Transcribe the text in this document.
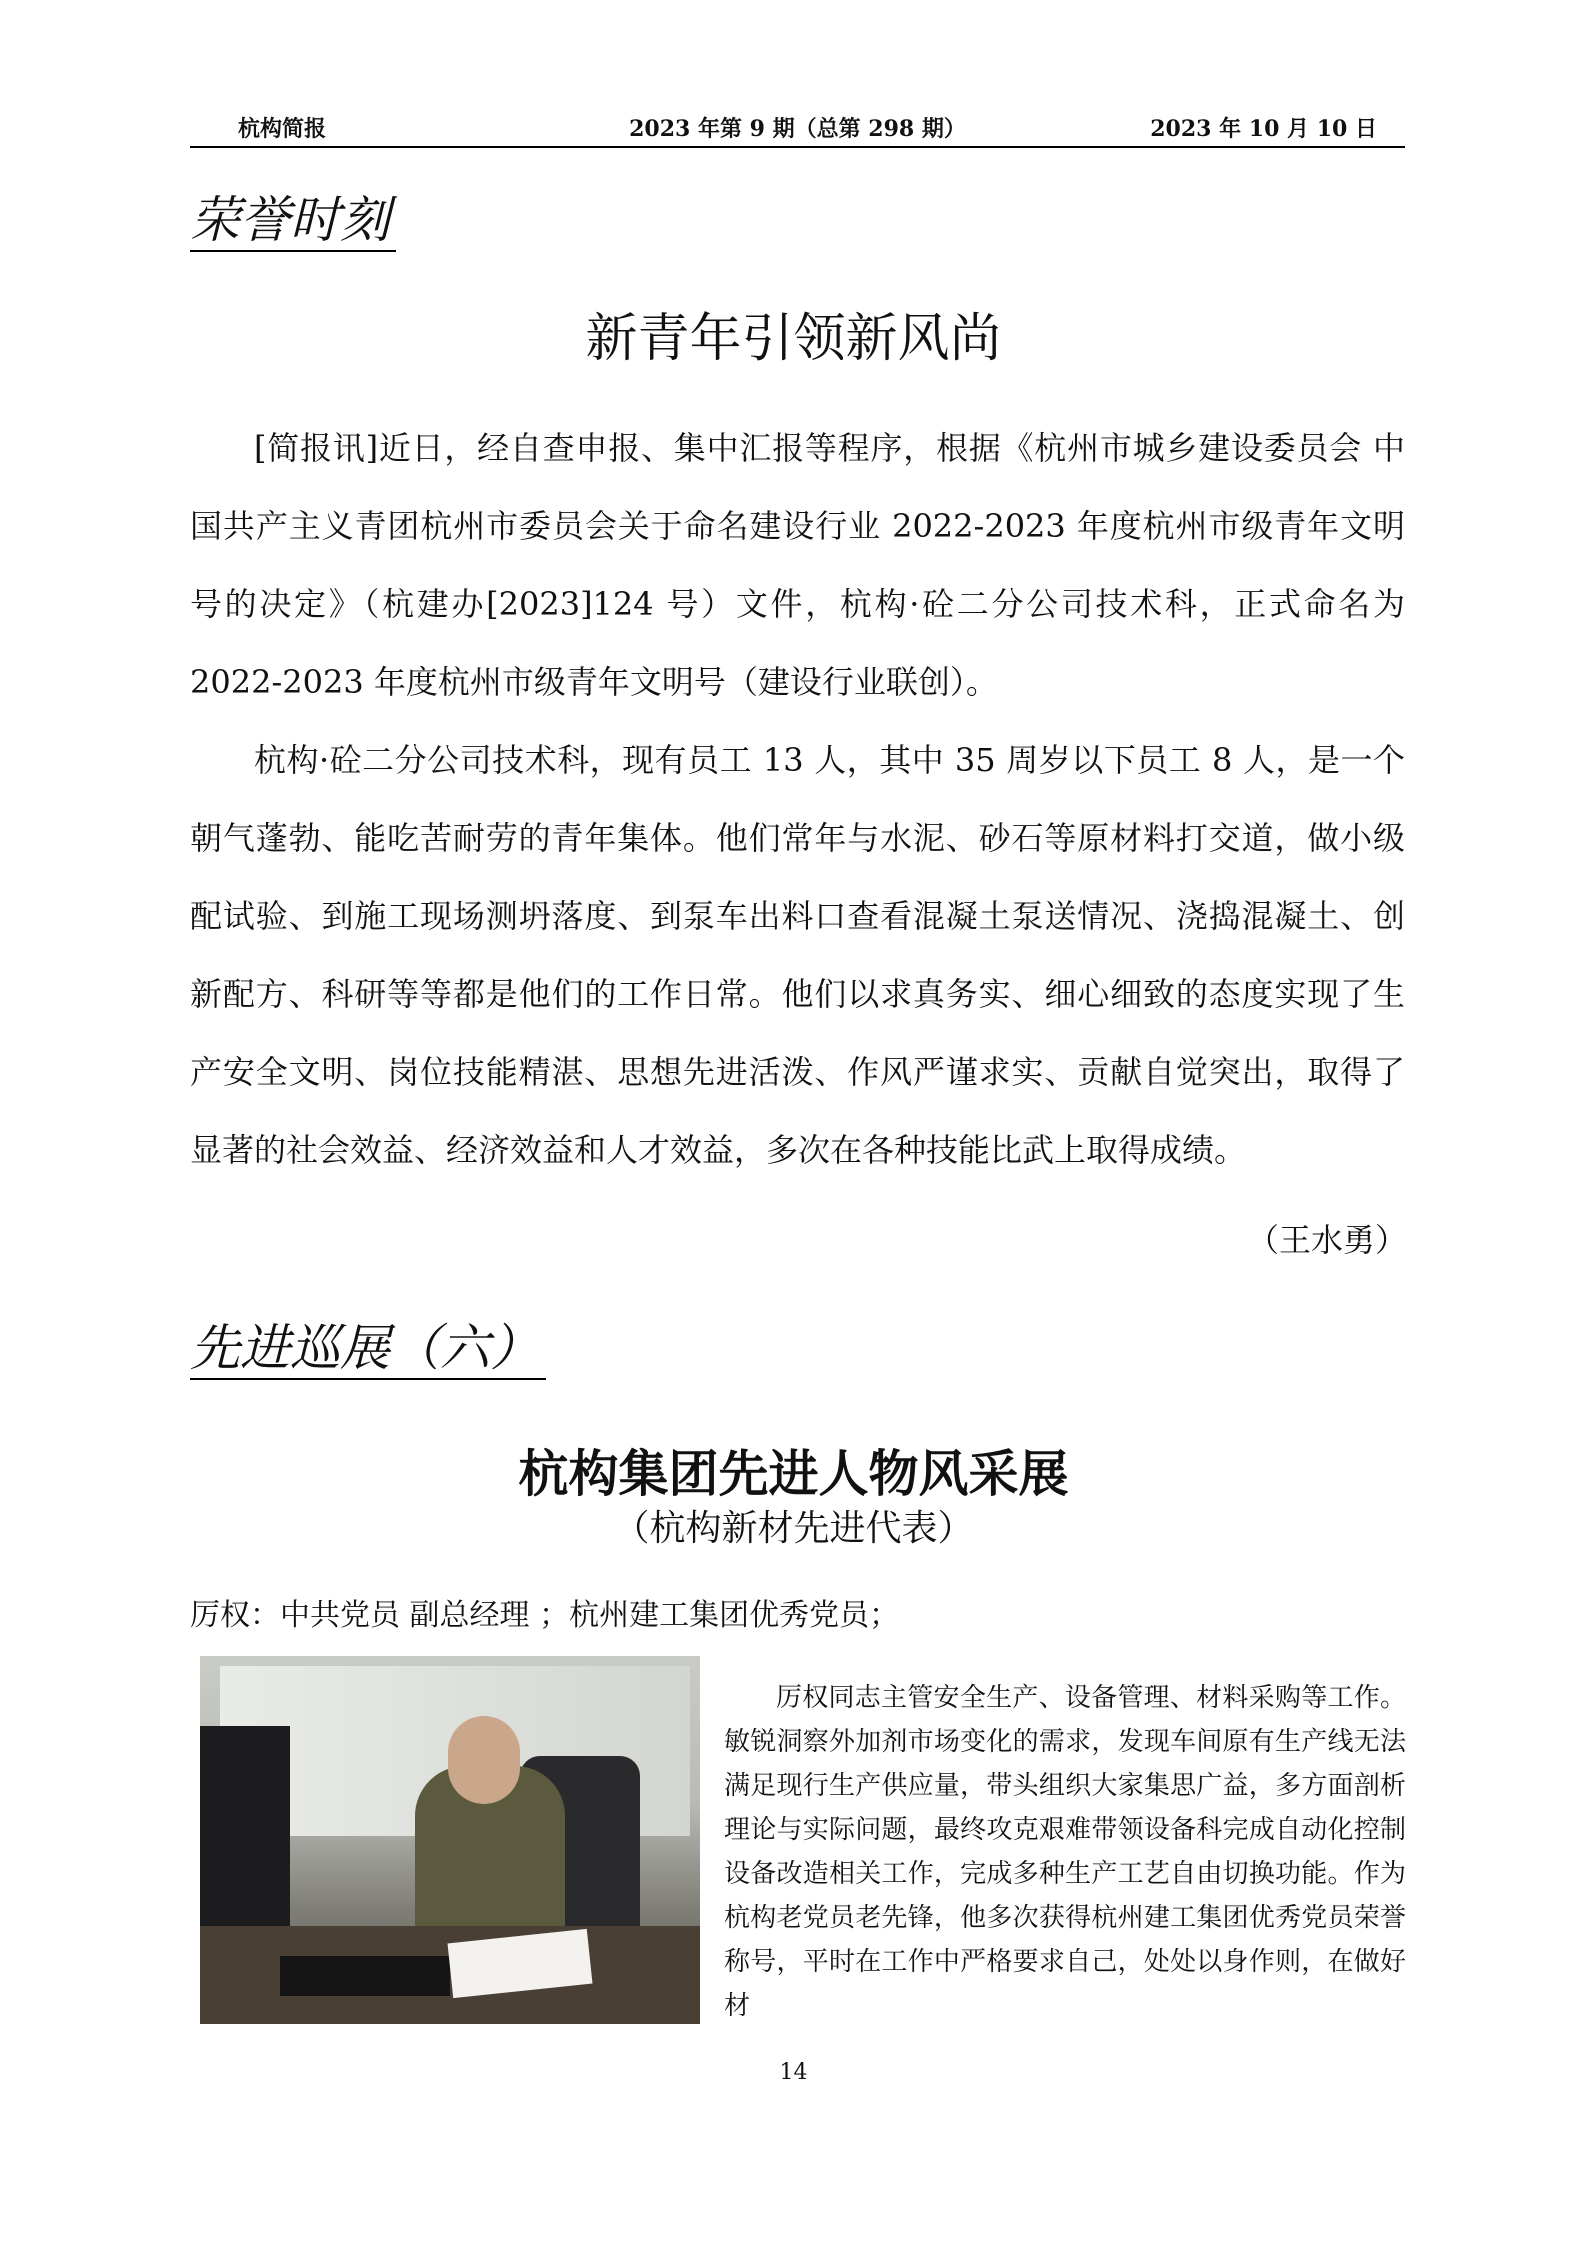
2023 年第 9 期（总第 298 期）
杭构简报	2023 年 10 月 10 日
荣誉时刻
新青年引领新风尚

[简报讯]近日，经自查申报、集中汇报等程序，根据《杭州市城乡建设委员会 中国共产主义青团杭州市委员会关于命名建设行业 2022-2023 年度杭州市级青年文明号的决定》（杭建办[2023]124 号）文件，杭构·砼二分公司技术科，正式命名为 2022-2023 年度杭州市级青年文明号（建设行业联创）。

杭构·砼二分公司技术科，现有员工 13 人，其中 35 周岁以下员工 8 人，是一个朝气蓬勃、能吃苦耐劳的青年集体。他们常年与水泥、砂石等原材料打交道，做小级配试验、到施工现场测坍落度、到泵车出料口查看混凝土泵送情况、浇捣混凝土、创新配方、科研等等都是他们的工作日常。他们以求真务实、细心细致的态度实现了生产安全文明、岗位技能精湛、思想先进活泼、作风严谨求实、贡献自觉突出，取得了显著的社会效益、经济效益和人才效益，多次在各种技能比武上取得成绩。

（王水勇）
先进巡展（六）
杭构集团先进人物风采展
（杭构新材先进代表）
厉权：中共党员 副总经理 ；杭州建工集团优秀党员；

厉权同志主管安全生产、设备管理、材料采购等工作。敏锐洞察外加剂市场变化的需求，发现车间原有生产线无法满足现行生产供应量，带头组织大家集思广益，多方面剖析理论与实际问题，最终攻克艰难带领设备科完成自动化控制设备改造相关工作，完成多种生产工艺自由切换功能。作为杭构老党员老先锋，他多次获得杭州建工集团优秀党员荣誉称号，平时在工作中严格要求自己，处处以身作则，在做好材

14
